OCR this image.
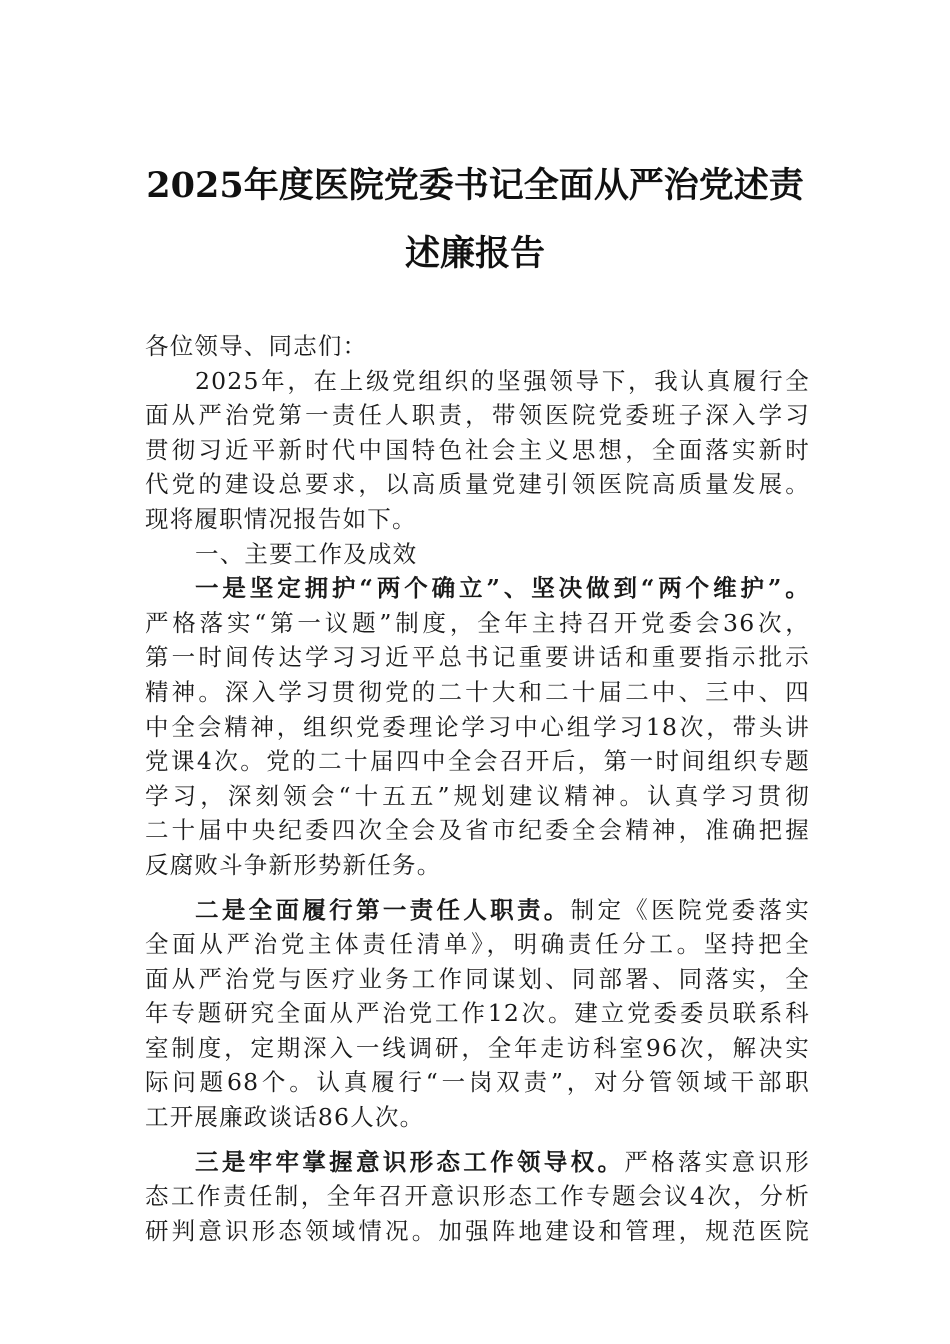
2025年度医院党委书记全面从严治党述责
述廉报告
各位领导、同志们：
2025年，在上级党组织的坚强领导下，我认真履行全
面从严治党第一责任人职责，带领医院党委班子深入学习
贯彻习近平新时代中国特色社会主义思想，全面落实新时
代党的建设总要求，以高质量党建引领医院高质量发展。
现将履职情况报告如下。
一、主要工作及成效
一是坚定拥护“两个确立”、坚决做到“两个维护”。
严格落实“第一议题”制度，全年主持召开党委会36次，
第一时间传达学习习近平总书记重要讲话和重要指示批示
精神。深入学习贯彻党的二十大和二十届二中、三中、四
中全会精神，组织党委理论学习中心组学习18次，带头讲
党课4次。党的二十届四中全会召开后，第一时间组织专题
学习，深刻领会“十五五”规划建议精神。认真学习贯彻
二十届中央纪委四次全会及省市纪委全会精神，准确把握
反腐败斗争新形势新任务。
二是全面履行第一责任人职责。制定《医院党委落实
全面从严治党主体责任清单》，明确责任分工。坚持把全
面从严治党与医疗业务工作同谋划、同部署、同落实，全
年专题研究全面从严治党工作12次。建立党委委员联系科
室制度，定期深入一线调研，全年走访科室96次，解决实
际问题68个。认真履行“一岗双责”，对分管领域干部职
工开展廉政谈话86人次。
三是牢牢掌握意识形态工作领导权。严格落实意识形
态工作责任制，全年召开意识形态工作专题会议4次，分析
研判意识形态领域情况。加强阵地建设和管理，规范医院
